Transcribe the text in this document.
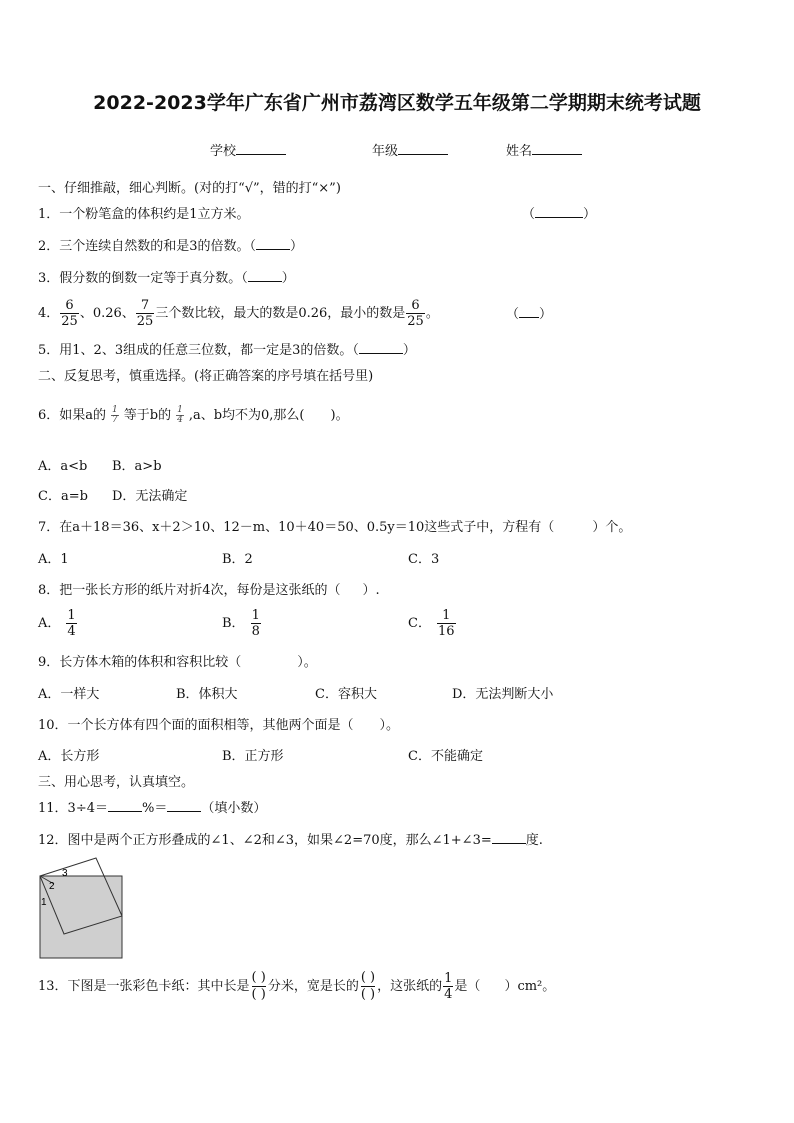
2022-2023学年广东省广州市荔湾区数学五年级第二学期期末统考试题
学校	年级	姓名
一、仔细推敲，细心判断。(对的打“√”，错的打“×”)
1．一个粉笔盒的体积约是1立方米。	（	）
2．三个连续自然数的和是3的倍数。（	）
3．假分数的倒数一定等于真分数。（	）
4． $\frac{6}{25}$ 、0.26、 $\frac{7}{25}$ 三个数比较，最大的数是0.26，最小的数是 $\frac{6}{25}$ 。	（ ）
5．用1、2、3组成的任意三位数，都一定是3的倍数。（	）
二、反复思考，慎重选择。(将正确答案的序号填在括号里)
6．如果a的 $\frac{1}{7}$ 等于b的 $\frac{1}{4} ,a$、b均不为0,那么( )。
A．a<b B．a>b
C．a=b D．无法确定
7．在a＋18＝36、x＋2＞10、12－m、10＋40＝50、0.5y＝10这些式子中，方程有（	）个。
A．1	B．2	C．3
8．把一张长方形的纸片对折4次，每份是这张纸的（ ）.
A． $\frac{1}{4}$	B． $\frac{1}{8}$	C． $\frac{1}{16}$
9．长方体木箱的体积和容积比较（	）。
A．一样大	B．体积大	C．容积大	D．无法判断大小
10．一个长方体有四个面的面积相等，其他两个面是（ ）。
A．长方形	B．正方形	C．不能确定
三、用心思考，认真填空。
11．3÷4＝	%＝	（填小数）
12．图中是两个正方形叠成的∠1、∠2和∠3，如果∠2=70度，那么∠1+∠3=	度.
3
2
1
13．下图是一张彩色卡纸：其中长是
( )
( )
分米，宽是长的
( )
( )
，这张纸的 $\frac{1}{4}$ 是（ ）cm²。
